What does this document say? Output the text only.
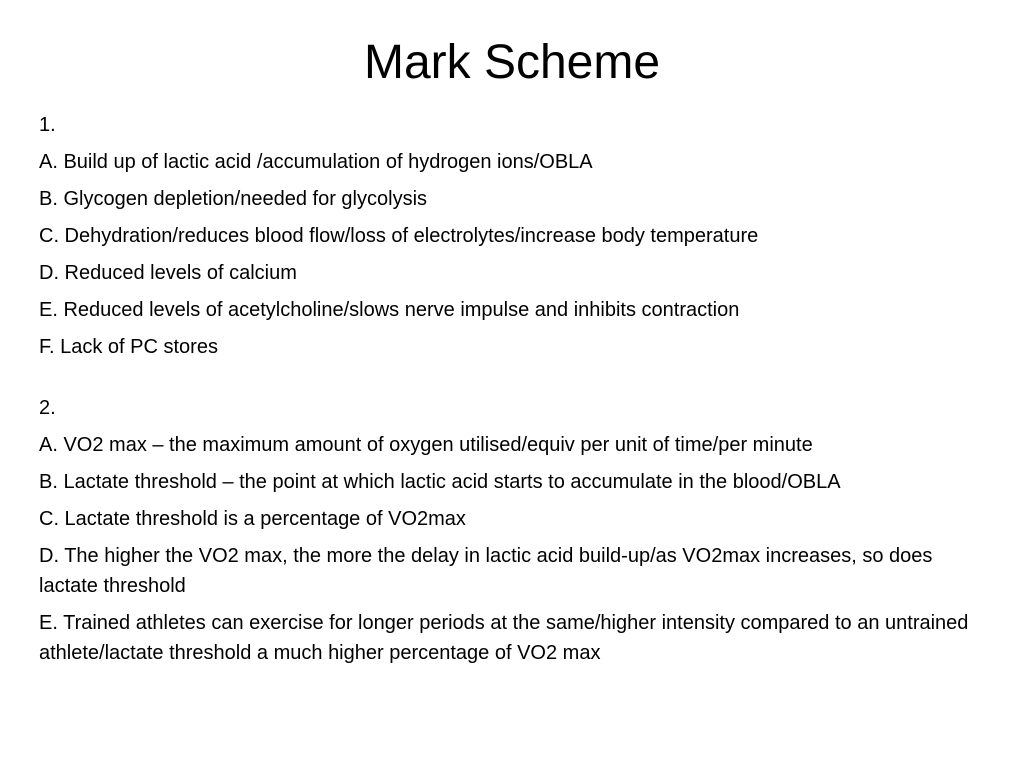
Mark Scheme
1.
A. Build up of lactic acid /accumulation of hydrogen ions/OBLA
B. Glycogen depletion/needed for glycolysis
C. Dehydration/reduces blood flow/loss of electrolytes/increase body temperature
D. Reduced levels of calcium
E. Reduced levels of acetylcholine/slows nerve impulse and inhibits contraction
F. Lack of PC stores
2.
A. VO2 max – the maximum amount of oxygen utilised/equiv per unit of time/per minute
B. Lactate threshold – the point at which lactic acid starts to accumulate in the blood/OBLA
C. Lactate threshold is a percentage of VO2max
D. The higher the VO2 max, the more the delay in lactic acid build-up/as VO2max increases, so does lactate threshold
E. Trained athletes can exercise for longer periods at the same/higher intensity compared to an untrained athlete/lactate threshold a much higher percentage of VO2 max
